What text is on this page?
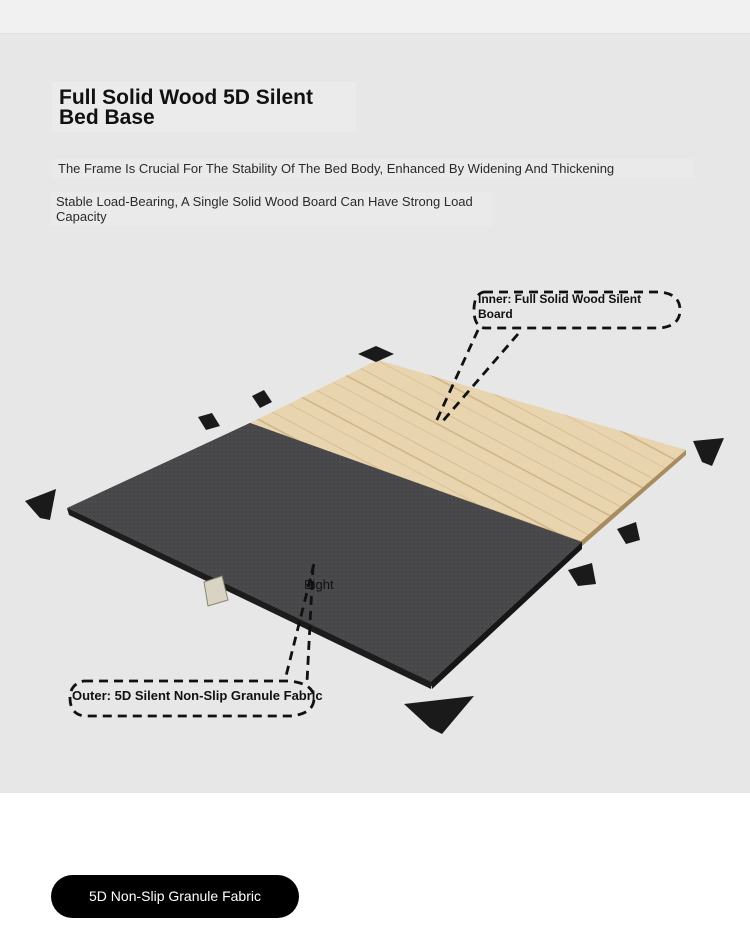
Full Solid Wood 5D Silent
Bed Base
The Frame Is Crucial For The Stability Of The Bed Body, Enhanced By Widening And Thickening
Stable Load-Bearing, A Single Solid Wood Board Can Have Strong Load Capacity
Inner: Full Solid Wood Silent Board
Eight
Outer: 5D Silent Non-Slip Granule Fabric
5D Non-Slip Granule Fabric
